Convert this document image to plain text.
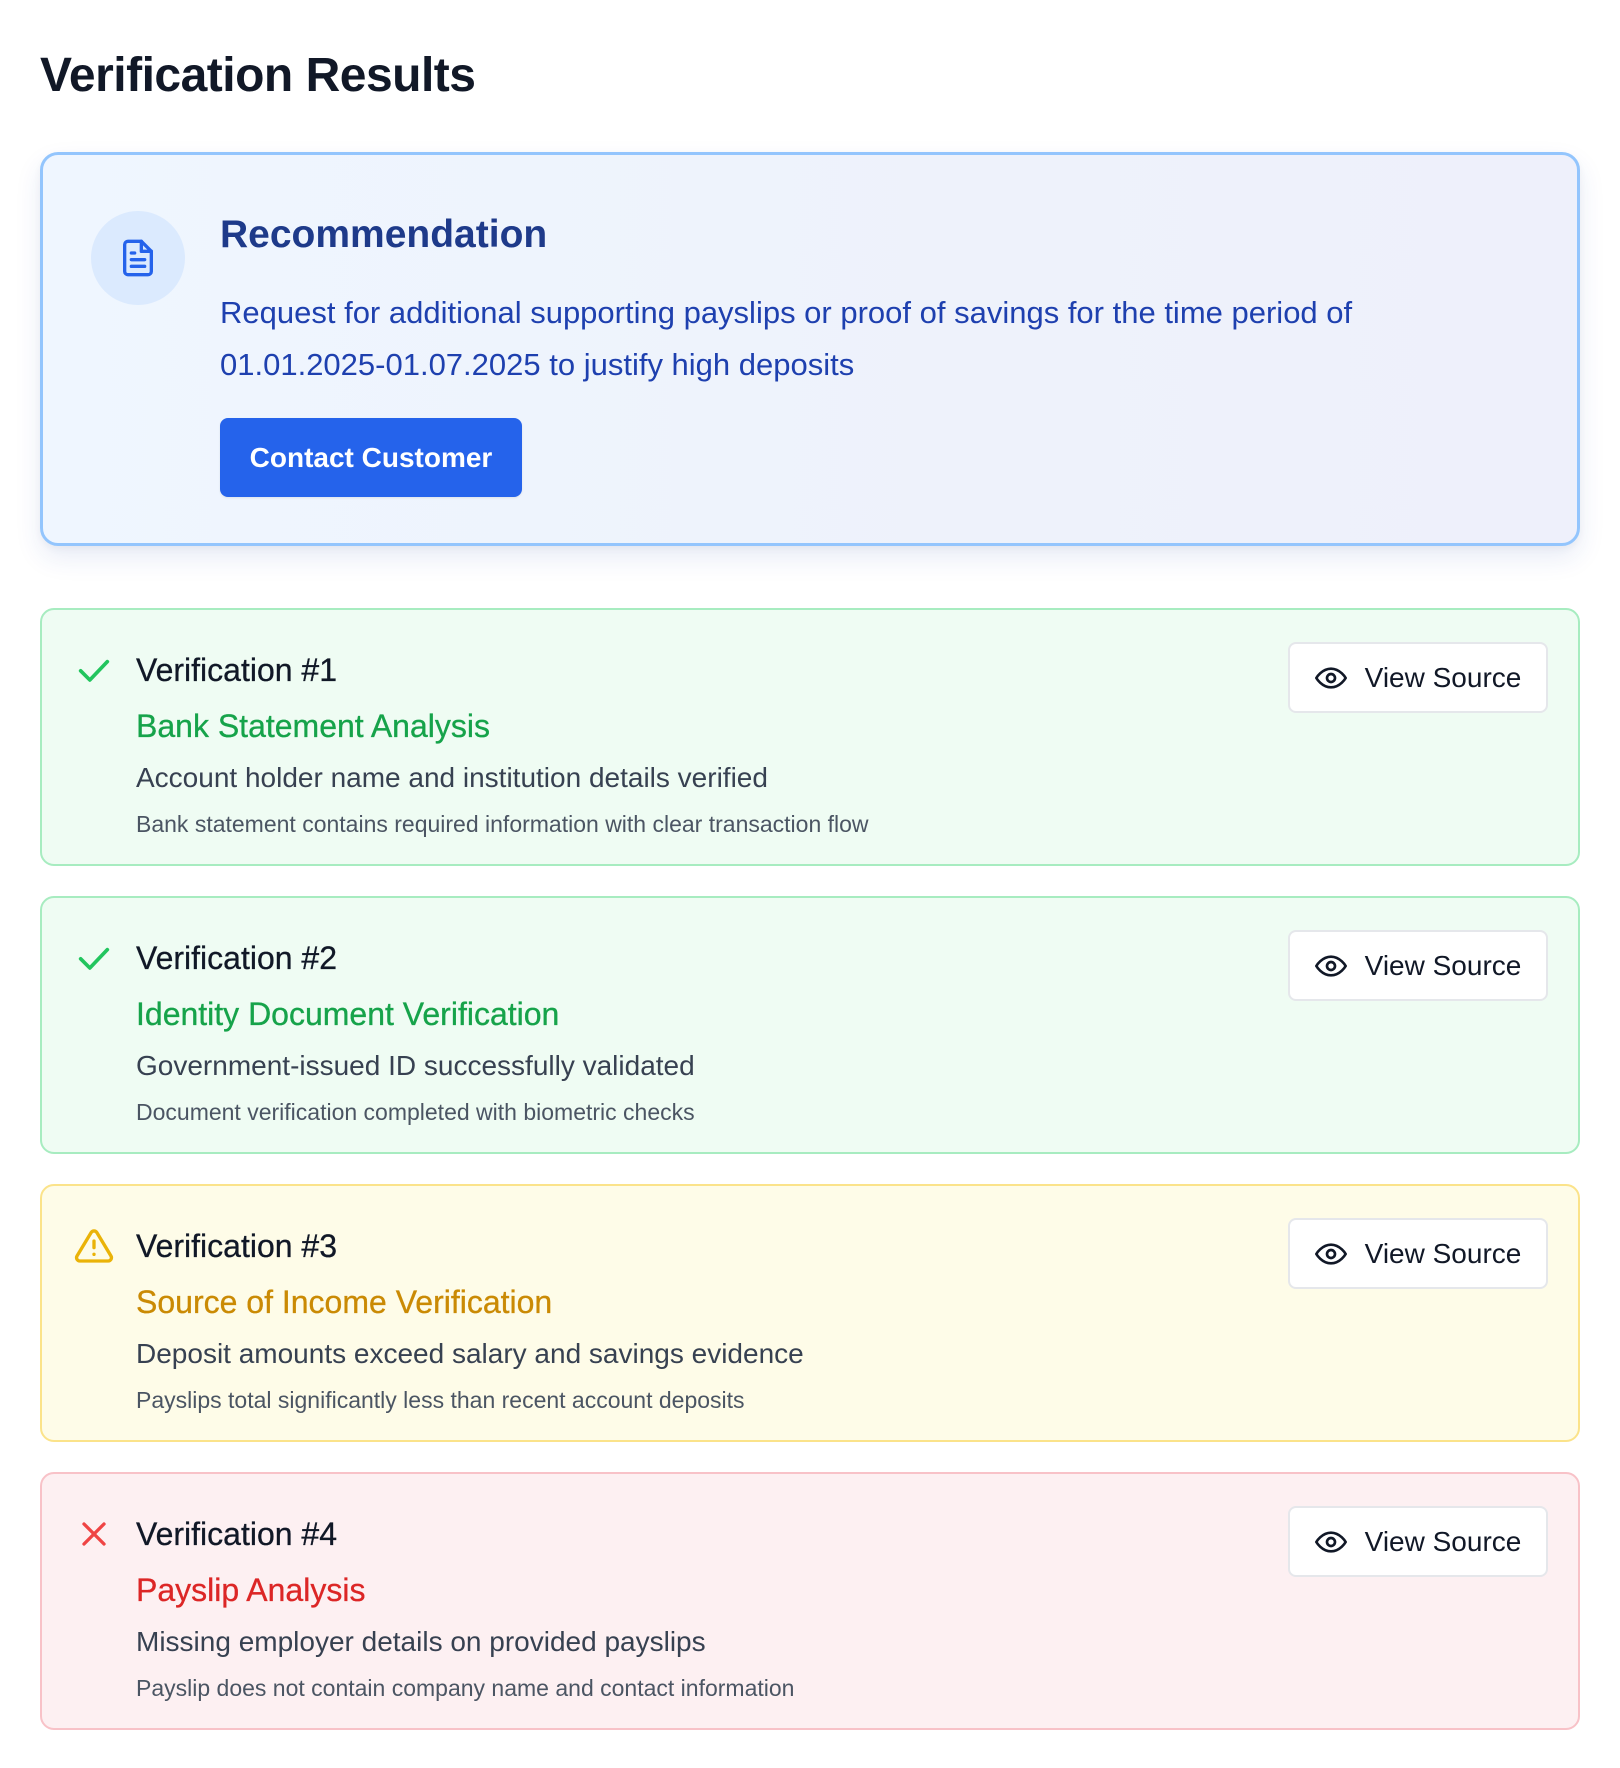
Verification Results
Recommendation

Request for additional supporting payslips or proof of savings for the time period of 01.01.2025-01.07.2025 to justify high deposits

Contact Customer
Verification #1
Bank Statement Analysis

Account holder name and institution details verified

Bank statement contains required information with clear transaction flow

View Source
Verification #2
Identity Document Verification

Government-issued ID successfully validated

Document verification completed with biometric checks

View Source
Verification #3
Source of Income Verification

Deposit amounts exceed salary and savings evidence

Payslips total significantly less than recent account deposits

View Source
Verification #4
Payslip Analysis

Missing employer details on provided payslips

Payslip does not contain company name and contact information

View Source
